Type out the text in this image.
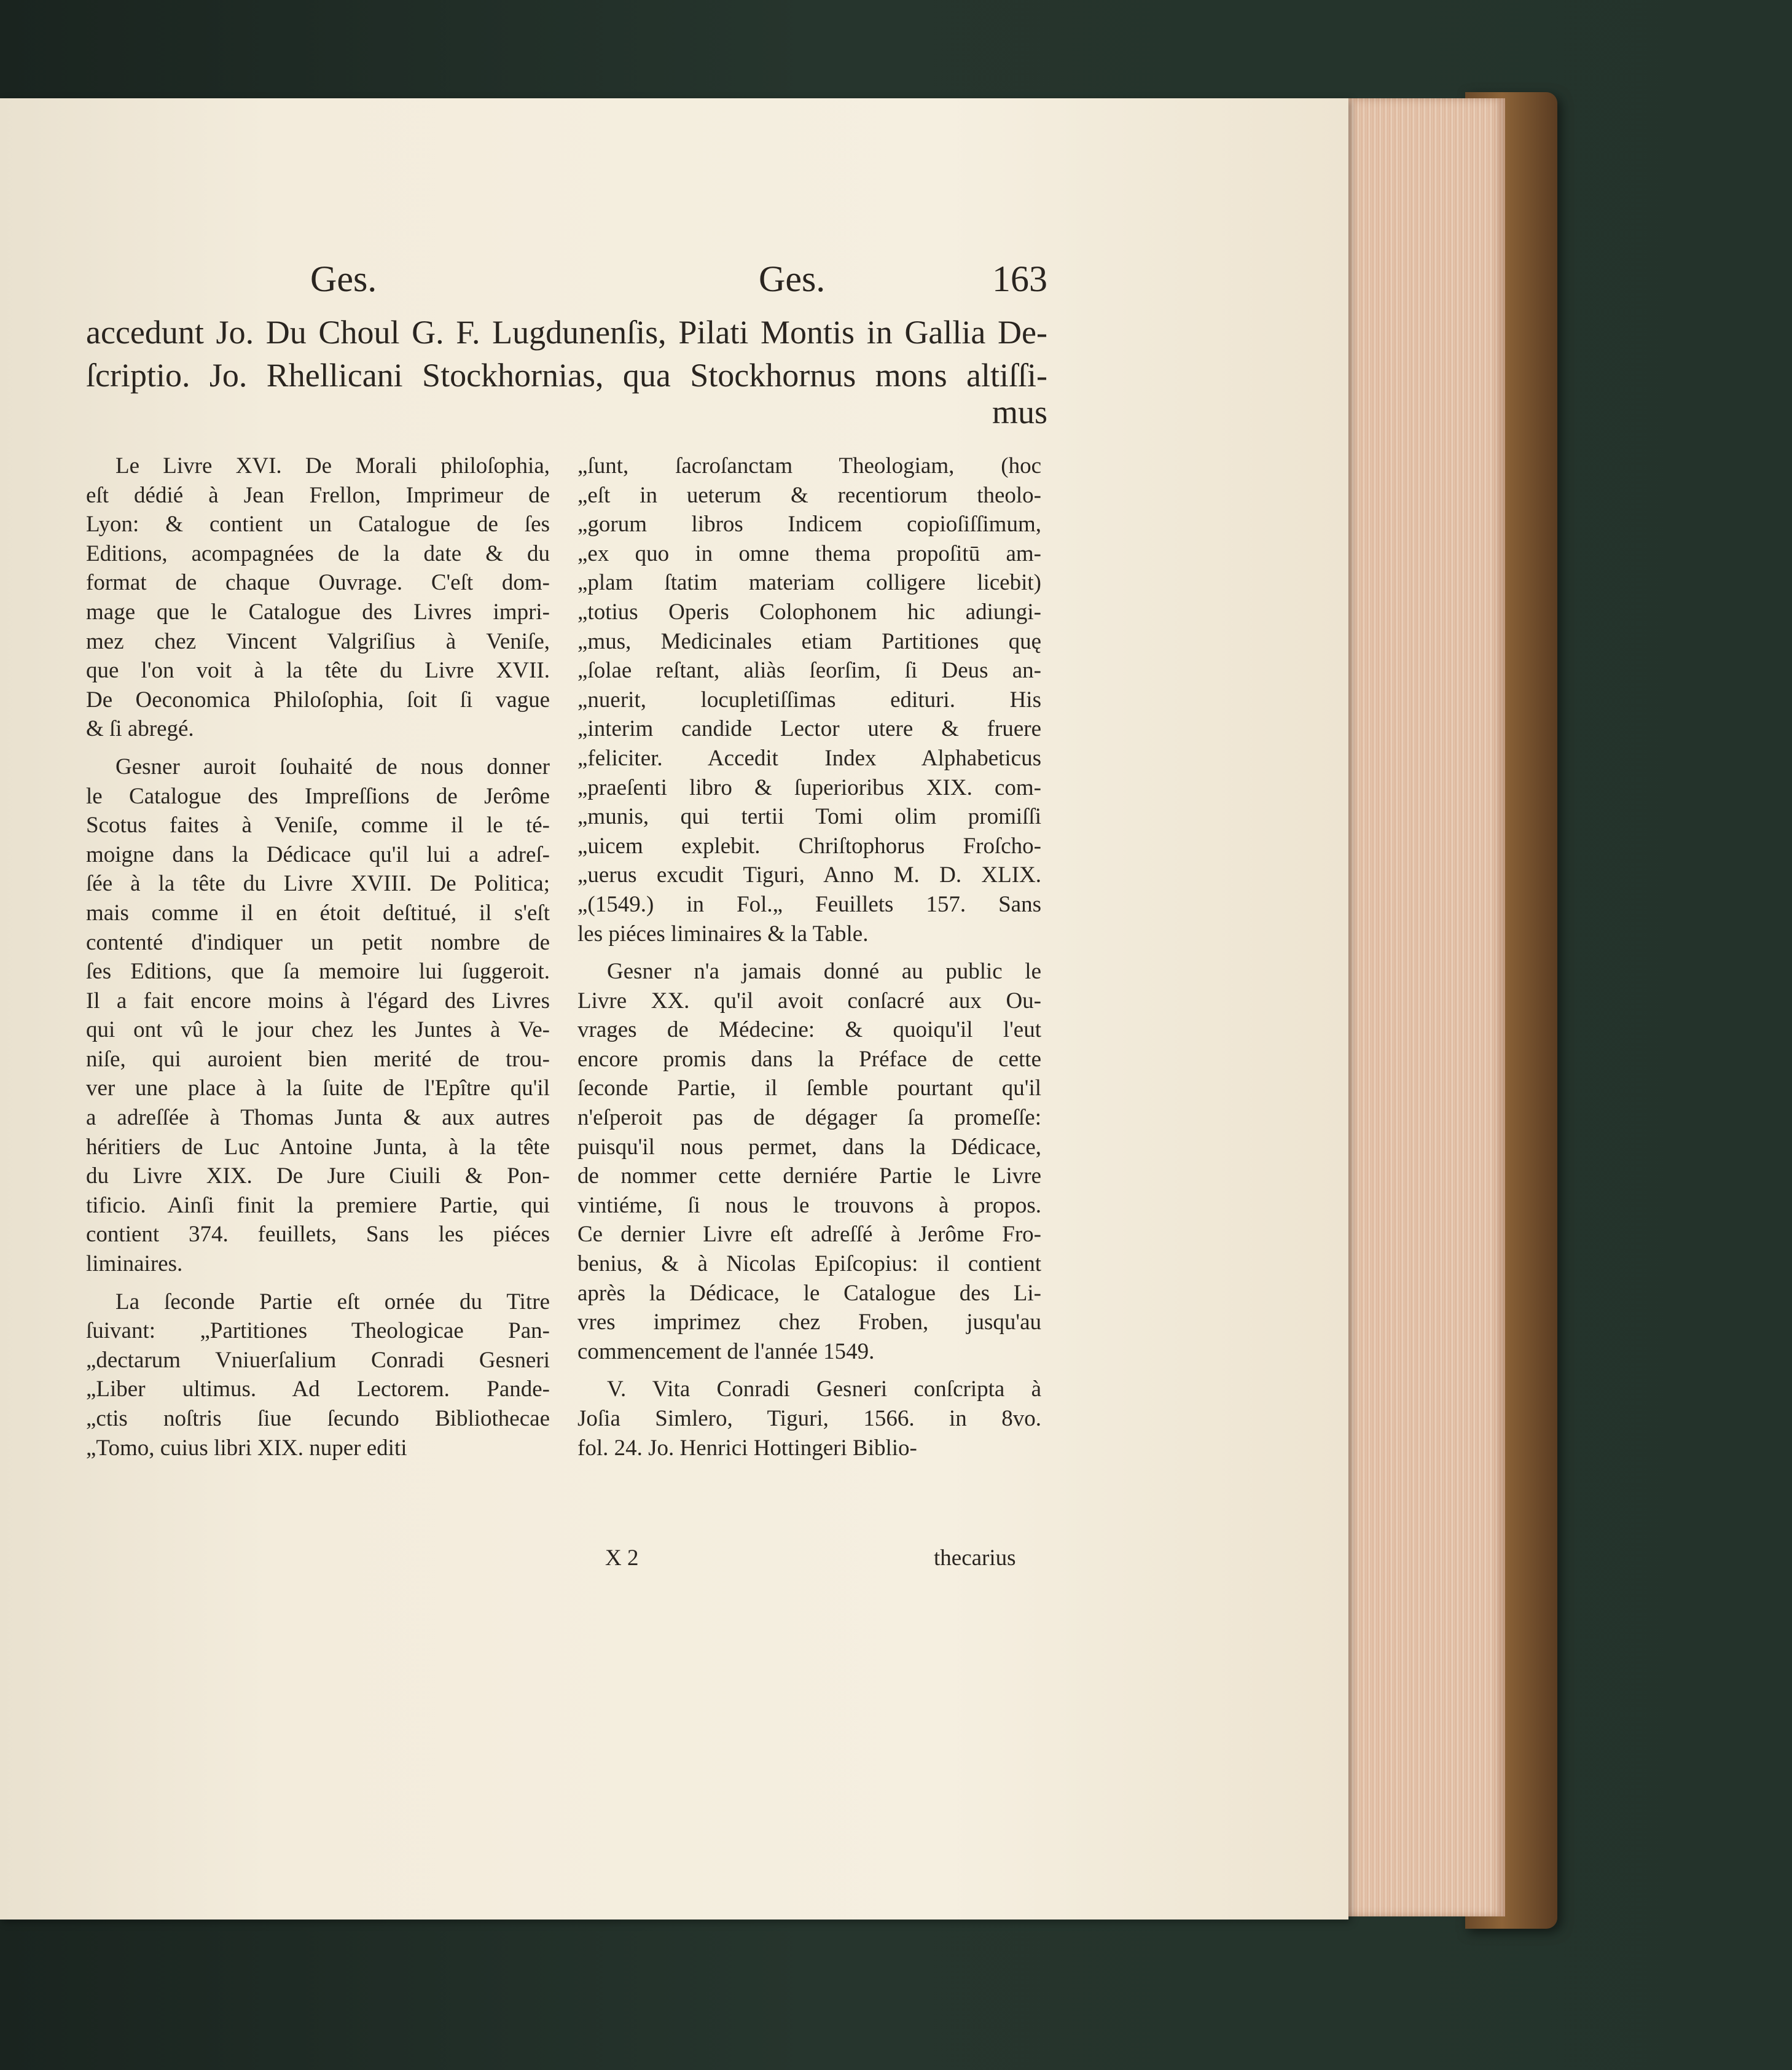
Ges.	Ges.	163
accedunt Jo. Du Choul G. F. Lugdunenſis, Pilati Montis in Gallia De-
ſcriptio. Jo. Rhellicani Stockhornias, qua Stockhornus mons altiſſi-
mus
Le Livre XVI. De Morali philoſophia,
eſt dédié à Jean Frellon, Imprimeur de
Lyon: & contient un Catalogue de ſes
Editions, acompagnées de la date & du
format de chaque Ouvrage. C'eſt dom-
mage que le Catalogue des Livres impri-
mez chez Vincent Valgriſius à Veniſe,
que l'on voit à la tête du Livre XVII.
De Oeconomica Philoſophia, ſoit ſi vague
& ſi abregé.
Gesner auroit ſouhaité de nous donner
le Catalogue des Impreſſions de Jerôme
Scotus faites à Veniſe, comme il le té-
moigne dans la Dédicace qu'il lui a adreſ-
ſée à la tête du Livre XVIII. De Politica;
mais comme il en étoit deſtitué, il s'eſt
contenté d'indiquer un petit nombre de
ſes Editions, que ſa memoire lui ſuggeroit.
Il a fait encore moins à l'égard des Livres
qui ont vû le jour chez les Juntes à Ve-
niſe, qui auroient bien merité de trou-
ver une place à la ſuite de l'Epître qu'il
a adreſſée à Thomas Junta & aux autres
héritiers de Luc Antoine Junta, à la tête
du Livre XIX. De Jure Ciuili & Pon-
tificio. Ainſi finit la premiere Partie, qui
contient 374. feuillets, Sans les piéces
liminaires.
La ſeconde Partie eſt ornée du Titre
ſuivant: „Partitiones Theologicae Pan-
„dectarum Vniuerſalium Conradi Gesneri
„Liber ultimus. Ad Lectorem. Pande-
„ctis noſtris ſiue ſecundo Bibliothecae
„Tomo, cuius libri XIX. nuper editi
„ſunt, ſacroſanctam Theologiam, (hoc
„eſt in ueterum & recentiorum theolo-
„gorum libros Indicem copioſiſſimum,
„ex quo in omne thema propoſitū am-
„plam ſtatim materiam colligere licebit)
„totius Operis Colophonem hic adiungi-
„mus, Medicinales etiam Partitiones quę
„ſolae reſtant, aliàs ſeorſim, ſi Deus an-
„nuerit, locupletiſſimas edituri. His
„interim candide Lector utere & fruere
„feliciter. Accedit Index Alphabeticus
„praeſenti libro & ſuperioribus XIX. com-
„munis, qui tertii Tomi olim promiſſi
„uicem explebit. Chriſtophorus Froſcho-
„uerus excudit Tiguri, Anno M. D. XLIX.
„(1549.) in Fol.„ Feuillets 157. Sans
les piéces liminaires & la Table.
Gesner n'a jamais donné au public le
Livre XX. qu'il avoit conſacré aux Ou-
vrages de Médecine: & quoiqu'il l'eut
encore promis dans la Préface de cette
ſeconde Partie, il ſemble pourtant qu'il
n'eſperoit pas de dégager ſa promeſſe:
puisqu'il nous permet, dans la Dédicace,
de nommer cette derniére Partie le Livre
vintiéme, ſi nous le trouvons à propos.
Ce dernier Livre eſt adreſſé à Jerôme Fro-
benius, & à Nicolas Epiſcopius: il contient
après la Dédicace, le Catalogue des Li-
vres imprimez chez Froben, jusqu'au
commencement de l'année 1549.
V. Vita Conradi Gesneri conſcripta à
Joſia Simlero, Tiguri, 1566. in 8vo.
fol. 24. Jo. Henrici Hottingeri Biblio-
X 2	thecarius
